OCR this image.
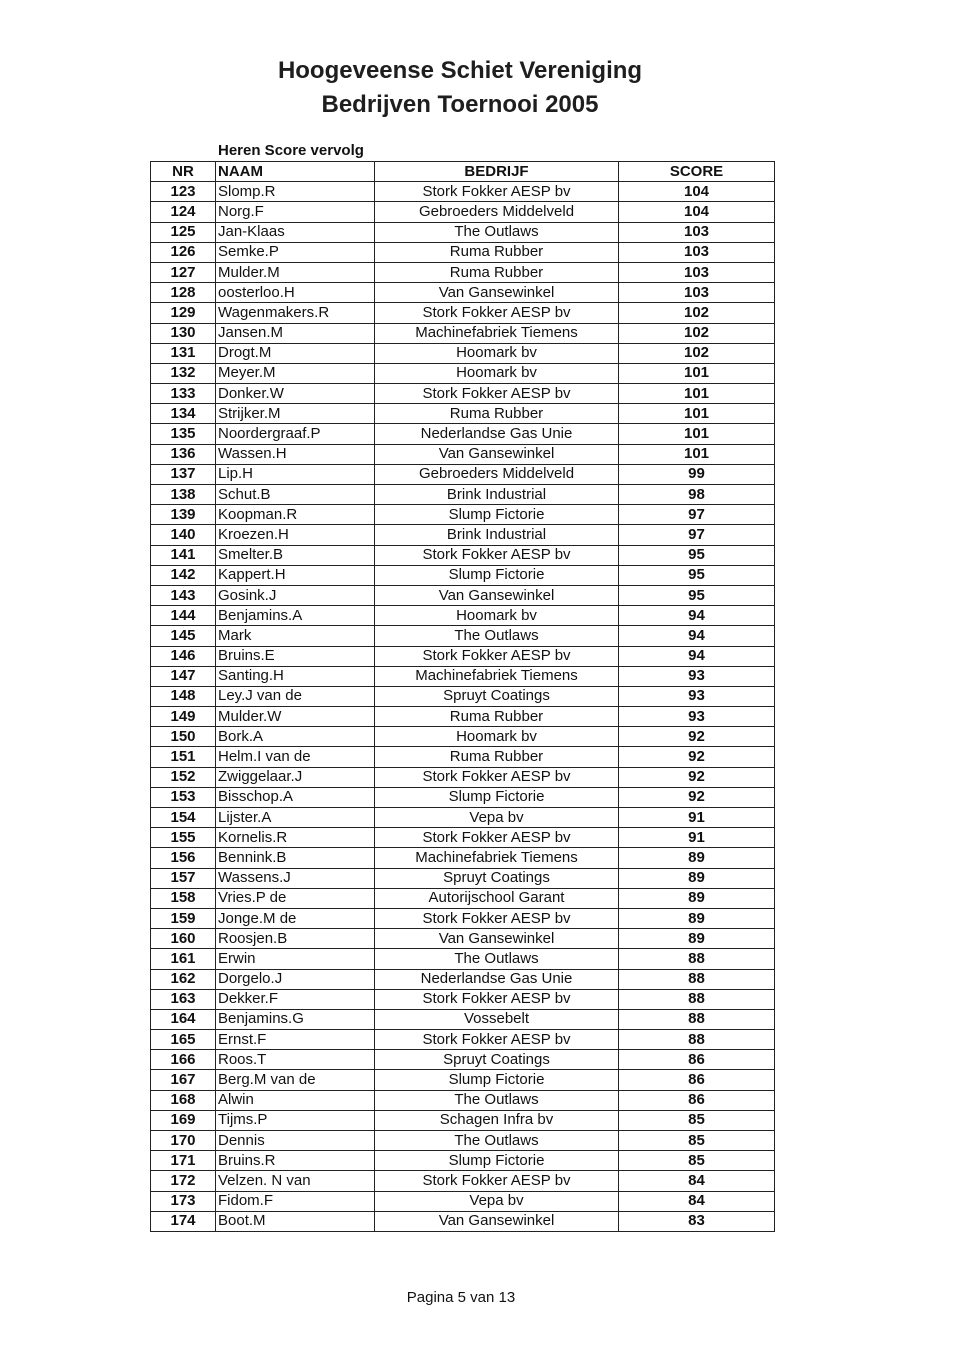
Hoogeveense Schiet Vereniging
Bedrijven Toernooi 2005
Heren Score vervolg
NR	NAAM	BEDRIJF	SCORE
123	Slomp.R	Stork Fokker AESP bv	104
124	Norg.F	Gebroeders Middelveld	104
125	Jan-Klaas	The Outlaws	103
126	Semke.P	Ruma Rubber	103
127	Mulder.M	Ruma Rubber	103
128	oosterloo.H	Van Gansewinkel	103
129	Wagenmakers.R	Stork Fokker AESP bv	102
130	Jansen.M	Machinefabriek Tiemens	102
131	Drogt.M	Hoomark bv	102
132	Meyer.M	Hoomark bv	101
133	Donker.W	Stork Fokker AESP bv	101
134	Strijker.M	Ruma Rubber	101
135	Noordergraaf.P	Nederlandse Gas Unie	101
136	Wassen.H	Van Gansewinkel	101
137	Lip.H	Gebroeders Middelveld	99
138	Schut.B	Brink Industrial	98
139	Koopman.R	Slump Fictorie	97
140	Kroezen.H	Brink Industrial	97
141	Smelter.B	Stork Fokker AESP bv	95
142	Kappert.H	Slump Fictorie	95
143	Gosink.J	Van Gansewinkel	95
144	Benjamins.A	Hoomark bv	94
145	Mark	The Outlaws	94
146	Bruins.E	Stork Fokker AESP bv	94
147	Santing.H	Machinefabriek Tiemens	93
148	Ley.J van de	Spruyt Coatings	93
149	Mulder.W	Ruma Rubber	93
150	Bork.A	Hoomark bv	92
151	Helm.I van de	Ruma Rubber	92
152	Zwiggelaar.J	Stork Fokker AESP bv	92
153	Bisschop.A	Slump Fictorie	92
154	Lijster.A	Vepa bv	91
155	Kornelis.R	Stork Fokker AESP bv	91
156	Bennink.B	Machinefabriek Tiemens	89
157	Wassens.J	Spruyt Coatings	89
158	Vries.P de	Autorijschool Garant	89
159	Jonge.M de	Stork Fokker AESP bv	89
160	Roosjen.B	Van Gansewinkel	89
161	Erwin	The Outlaws	88
162	Dorgelo.J	Nederlandse Gas Unie	88
163	Dekker.F	Stork Fokker AESP bv	88
164	Benjamins.G	Vossebelt	88
165	Ernst.F	Stork Fokker AESP bv	88
166	Roos.T	Spruyt Coatings	86
167	Berg.M van de	Slump Fictorie	86
168	Alwin	The Outlaws	86
169	Tijms.P	Schagen Infra bv	85
170	Dennis	The Outlaws	85
171	Bruins.R	Slump Fictorie	85
172	Velzen. N van	Stork Fokker AESP bv	84
173	Fidom.F	Vepa bv	84
174	Boot.M	Van Gansewinkel	83
Pagina 5 van 13
